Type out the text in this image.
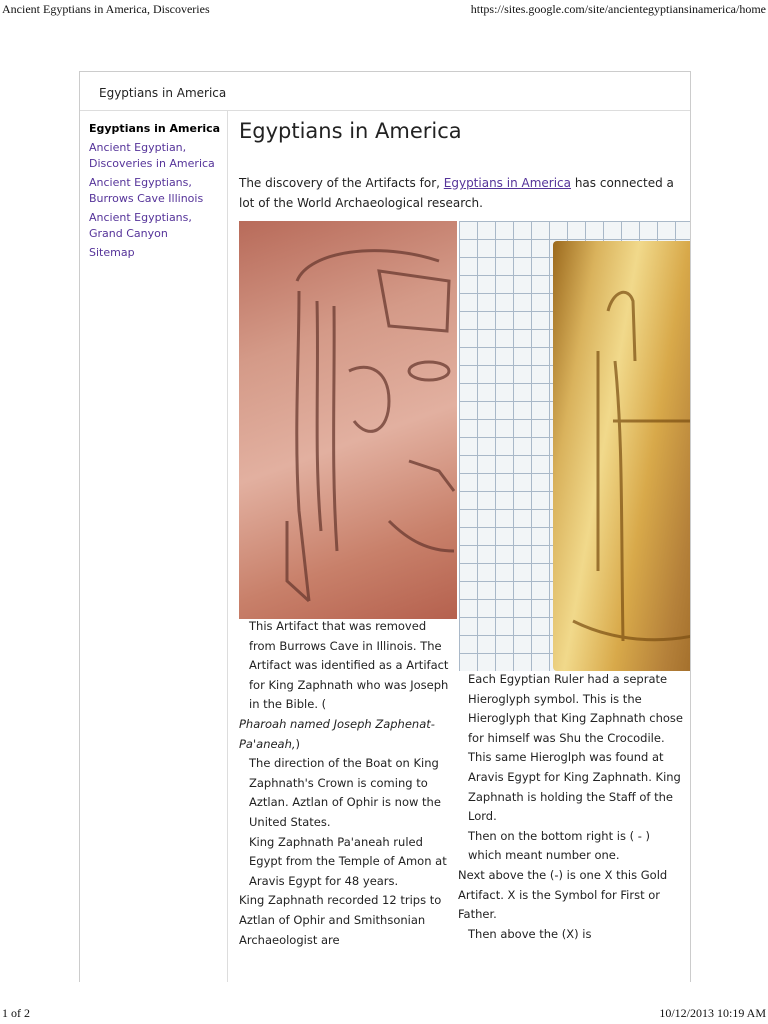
Ancient Egyptians in America, Discoveries	https://sites.google.com/site/ancientegyptiansinamerica/home
Egyptians in America
Egyptians in America
Ancient Egyptian, Discoveries in America
Ancient Egyptians, Burrows Cave Illinois
Ancient Egyptians, Grand Canyon
Sitemap
Egyptians in America
The discovery of the Artifacts for, Egyptians in America has connected a lot of the World Archaeological research.

This Artifact that was removed from Burrows Cave in Illinois. The Artifact was identified as a Artifact for King Zaphnath who was Joseph in the Bible. (

Pharoah named Joseph Zaphenat-Pa'aneah,)

The direction of the Boat on King Zaphnath's Crown is coming to Aztlan. Aztlan of Ophir is now the United States.

King Zaphnath Pa'aneah ruled Egypt from the Temple of Amon at Aravis Egypt for 48 years.

King Zaphnath recorded 12 trips to Aztlan of Ophir and Smithsonian Archaeologist are

Each Egyptian Ruler had a seprate Hieroglyph symbol. This is the Hieroglyph that King Zaphnath chose for himself was Shu the Crocodile.

This same Hierogl​ph was found at Aravis Egypt for King Zaphnath. King Zaphnath is holding the Staff of the Lord.

Then on the bottom right is ( - ) which meant number one.

Next above the (-) is one X this Gold Artifact. X is the Symbol for First or Father.

Then above the (X) is

1 of 2	10/12/2013 10:19 AM
